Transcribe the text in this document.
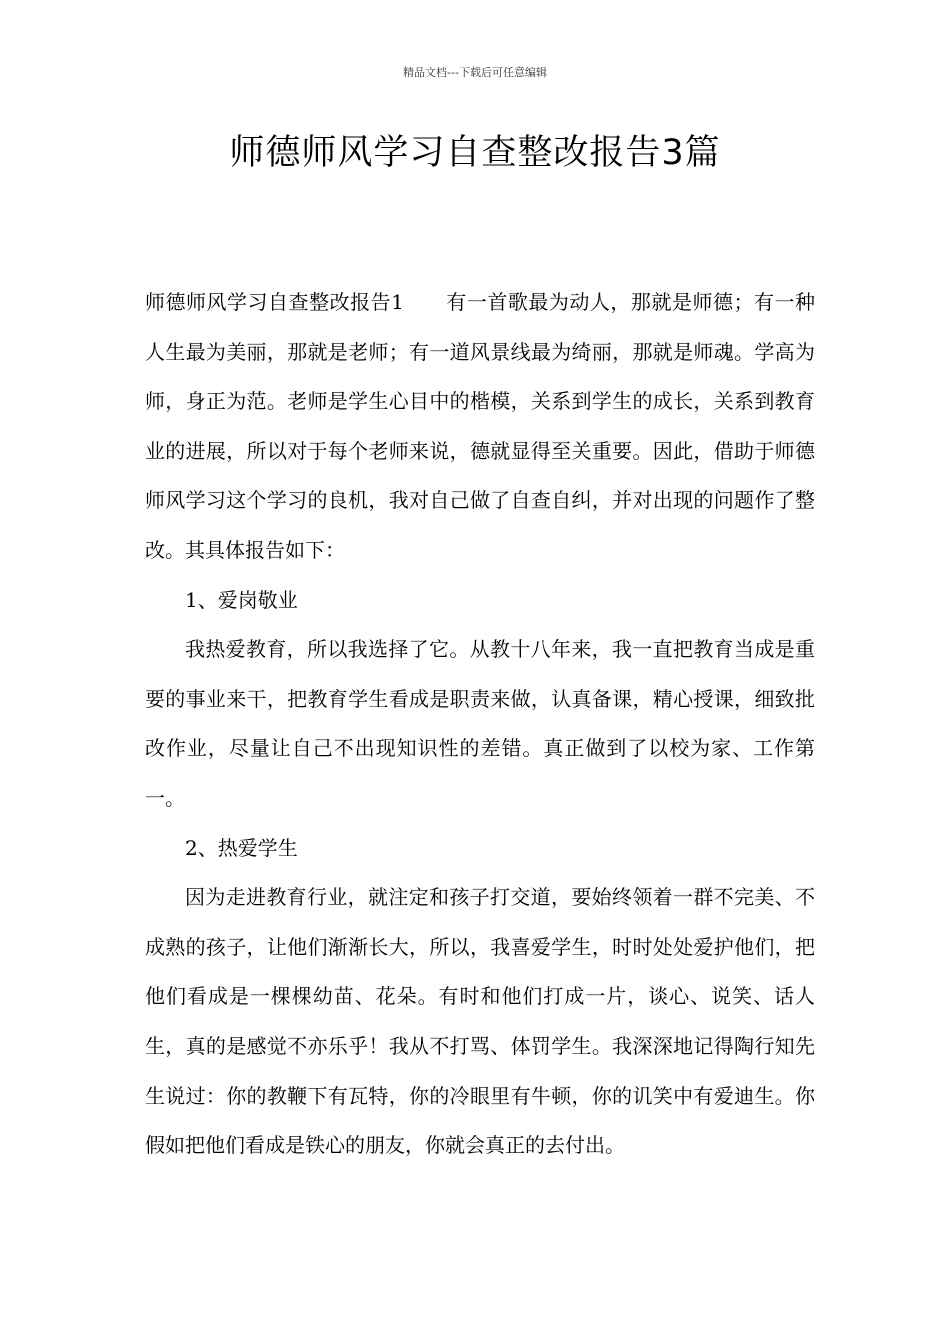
精品文档---下载后可任意编辑
师德师风学习自查整改报告3篇

师德师风学习自查整改报告1 有一首歌最为动人，那就是师德；有一种人生最为美丽，那就是老师；有一道风景线最为绮丽，那就是师魂。学高为师，身正为范。老师是学生心目中的楷模，关系到学生的成长，关系到教育业的进展，所以对于每个老师来说，德就显得至关重要。因此，借助于师德师风学习这个学习的良机，我对自己做了自查自纠，并对出现的问题作了整改。其具体报告如下：

1、爱岗敬业

我热爱教育，所以我选择了它。从教十八年来，我一直把教育当成是重要的事业来干，把教育学生看成是职责来做，认真备课，精心授课，细致批改作业，尽量让自己不出现知识性的差错。真正做到了以校为家、工作第一。

2、热爱学生

因为走进教育行业，就注定和孩子打交道，要始终领着一群不完美、不成熟的孩子，让他们渐渐长大，所以，我喜爱学生，时时处处爱护他们，把他们看成是一棵棵幼苗、花朵。有时和他们打成一片，谈心、说笑、话人生，真的是感觉不亦乐乎！我从不打骂、体罚学生。我深深地记得陶行知先生说过：你的教鞭下有瓦特，你的冷眼里有牛顿，你的讥笑中有爱迪生。你假如把他们看成是铁心的朋友，你就会真正的去付出。
